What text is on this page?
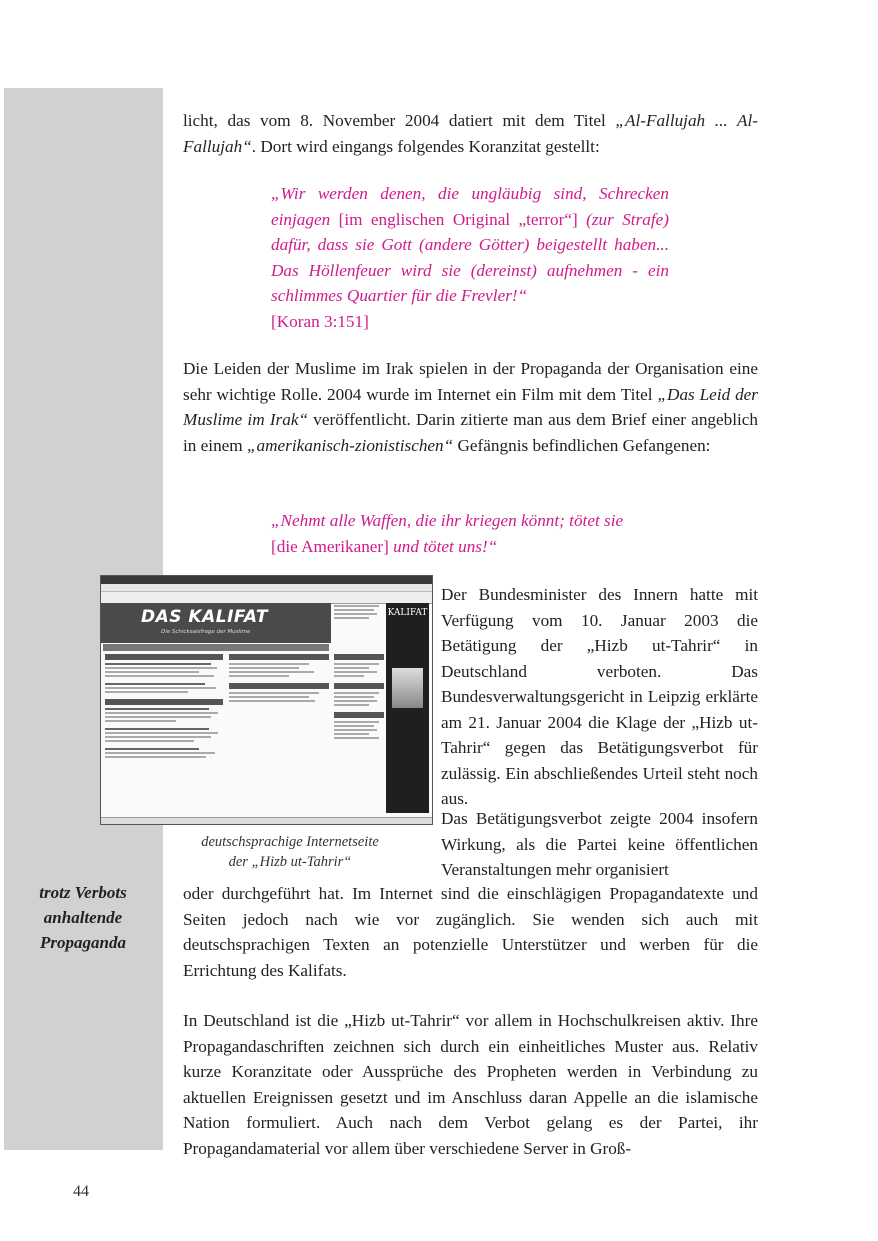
licht, das vom 8. November 2004 datiert mit dem Titel „Al-Fallujah ... Al-Fallujah“. Dort wird eingangs folgendes Koranzitat gestellt:

„Wir werden denen, die ungläubig sind, Schrecken einjagen [im englischen Original „terror“] (zur Strafe) dafür, dass sie Gott (andere Götter) beigestellt haben... Das Höllenfeuer wird sie (dereinst) aufnehmen - ein schlimmes Quartier für die Frevler!“
[Koran 3:151]

Die Leiden der Muslime im Irak spielen in der Propaganda der Organisation eine sehr wichtige Rolle. 2004 wurde im Internet ein Film mit dem Titel „Das Leid der Muslime im Irak“ veröffentlicht. Darin zitierte man aus dem Brief einer angeblich in einem „amerikanisch-zionistischen“ Gefängnis befindlichen Gefangenen:

„Nehmt alle Waffen, die ihr kriegen könnt; tötet sie
[die Amerikaner] und tötet uns!“

DAS KALIFAT
Die Schicksalsfrage der Muslime
KALIFAT

Der Bundesminister des Innern hatte mit Verfügung vom 10. Januar 2003 die Betätigung der „Hizb ut-Tahrir“ in Deutschland verboten. Das Bundesverwaltungsgericht in Leipzig erklärte am 21. Januar 2004 die Klage der „Hizb ut-Tahrir“ gegen das Betätigungsverbot für zulässig. Ein abschließendes Urteil steht noch aus.

Das Betätigungsverbot zeigte 2004 insofern Wirkung, als die Partei keine öffentlichen Veranstaltungen mehr organisiert

deutschsprachige Internetseite
der „Hizb ut-Tahrir“

oder durchgeführt hat. Im Internet sind die einschlägigen Propagandatexte und Seiten jedoch nach wie vor zugänglich. Sie wenden sich auch mit deutschsprachigen Texten an potenzielle Unterstützer und werben für die Errichtung des Kalifats.

trotz Verbots anhaltende Propaganda

In Deutschland ist die „Hizb ut-Tahrir“ vor allem in Hochschulkreisen aktiv. Ihre Propagandaschriften zeichnen sich durch ein einheitliches Muster aus. Relativ kurze Koranzitate oder Aussprüche des Propheten werden in Verbindung zu aktuellen Ereignissen gesetzt und im Anschluss daran Appelle an die islamische Nation formuliert. Auch nach dem Verbot gelang es der Partei, ihr Propagandamaterial vor allem über verschiedene Server in Groß-

44
